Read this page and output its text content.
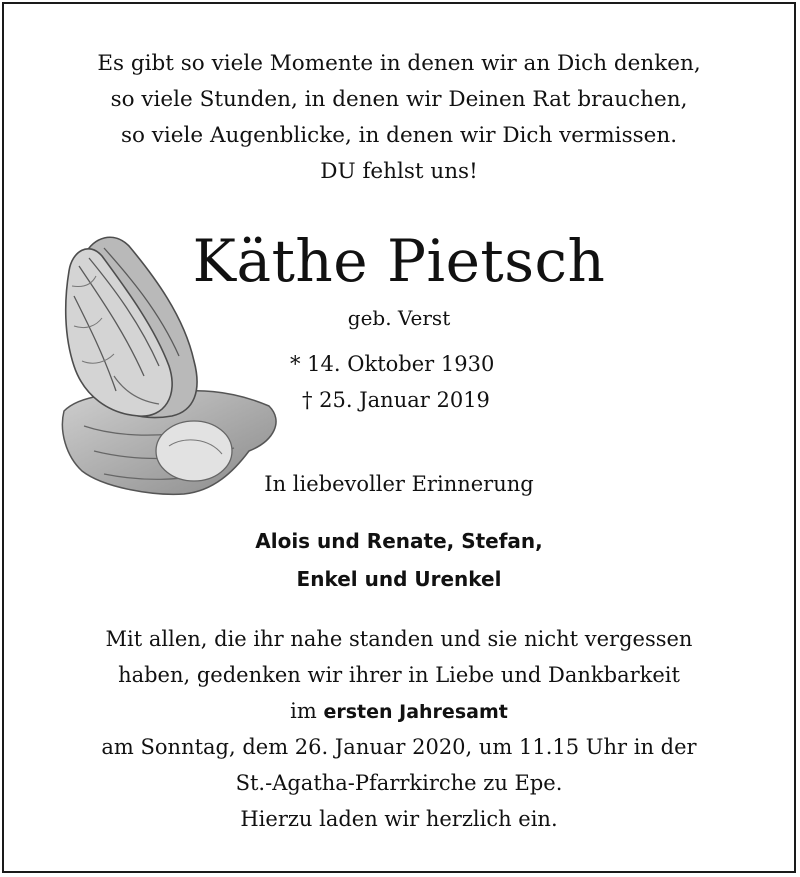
Es gibt so viele Momente in denen wir an Dich denken,
so viele Stunden, in denen wir Deinen Rat brauchen,
so viele Augenblicke, in denen wir Dich vermissen.
DU fehlst uns!
Käthe Pietsch
geb. Verst
* 14. Oktober 1930
† 25. Januar 2019
In liebevoller Erinnerung
Alois und Renate, Stefan,
Enkel und Urenkel
Mit allen, die ihr nahe standen und sie nicht vergessen
haben, gedenken wir ihrer in Liebe und Dankbarkeit
im ersten Jahresamt
am Sonntag, dem 26. Januar 2020, um 11.15 Uhr in der
St.-Agatha-Pfarrkirche zu Epe.
Hierzu laden wir herzlich ein.
